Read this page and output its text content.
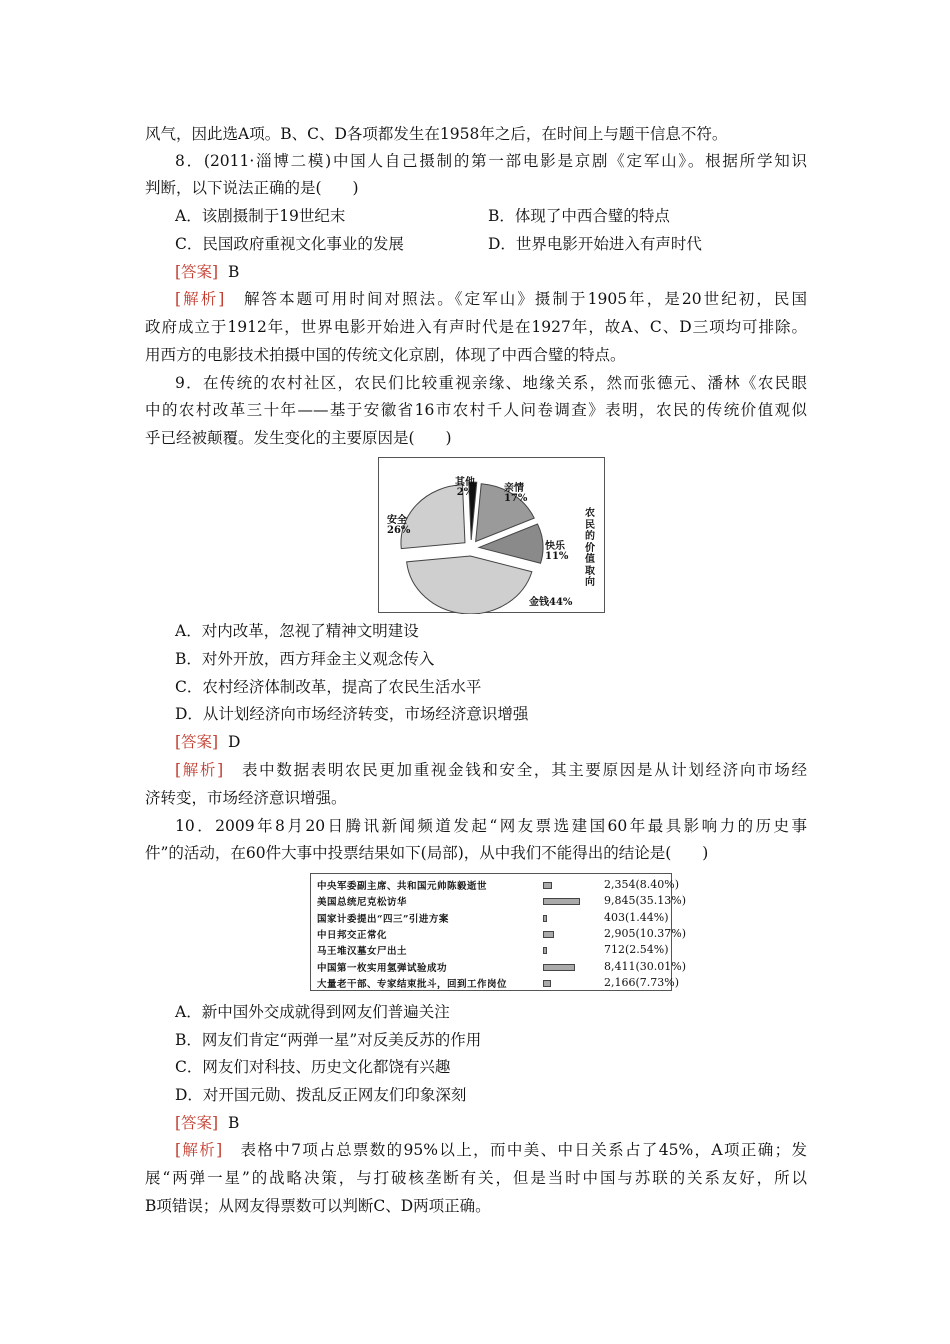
风气，因此选A项。B、C、D各项都发生在1958年之后，在时间上与题干信息不符。
8．(2011·淄博二模)中国人自己摄制的第一部电影是京剧《定军山》。根据所学知识
判断，以下说法正确的是(　　)
A．该剧摄制于19世纪末	B．体现了中西合璧的特点
C．民国政府重视文化事业的发展	D．世界电影开始进入有声时代
[答案] B
[解析]　解答本题可用时间对照法。《定军山》摄制于1905年，是20世纪初，民国
政府成立于1912年，世界电影开始进入有声时代是在1927年，故A、C、D三项均可排除。
用西方的电影技术拍摄中国的传统文化京剧，体现了中西合璧的特点。
9．在传统的农村社区，农民们比较重视亲缘、地缘关系，然而张德元、潘林《农民眼
中的农村改革三十年——基于安徽省16市农村千人问卷调查》表明，农民的传统价值观似
乎已经被颠覆。发生变化的主要原因是(　　)
其他
2%	亲情
17%
快乐
11%
安全
26%
金钱44%
农民的价值取向
A．对内改革，忽视了精神文明建设
B．对外开放，西方拜金主义观念传入
C．农村经济体制改革，提高了农民生活水平
D．从计划经济向市场经济转变，市场经济意识增强
[答案] D
[解析]　表中数据表明农民更加重视金钱和安全，其主要原因是从计划经济向市场经
济转变，市场经济意识增强。
10．2009年8月20日腾讯新闻频道发起“网友票选建国60年最具影响力的历史事
件”的活动，在60件大事中投票结果如下(局部)，从中我们不能得出的结论是(　　)
中央军委副主席、共和国元帅陈毅逝世	2,354(8.40%)
美国总统尼克松访华	9,845(35.13%)
国家计委提出“四三”引进方案	403(1.44%)
中日邦交正常化	2,905(10.37%)
马王堆汉墓女尸出土	712(2.54%)
中国第一枚实用氢弹试验成功	8,411(30.01%)
大量老干部、专家结束批斗，回到工作岗位	2,166(7.73%)
A．新中国外交成就得到网友们普遍关注
B．网友们肯定“两弹一星”对反美反苏的作用
C．网友们对科技、历史文化都饶有兴趣
D．对开国元勋、拨乱反正网友们印象深刻
[答案] B
[解析]　表格中7项占总票数的95%以上，而中美、中日关系占了45%，A项正确；发
展“两弹一星”的战略决策，与打破核垄断有关，但是当时中国与苏联的关系友好，所以
B项错误；从网友得票数可以判断C、D两项正确。
